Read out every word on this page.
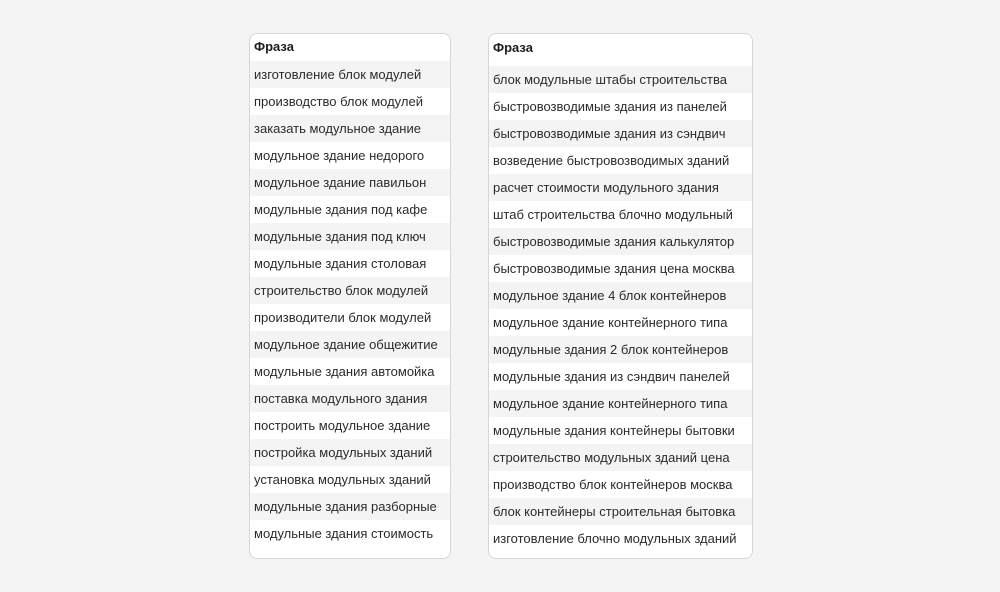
Фраза
изготовление блок модулей
производство блок модулей
заказать модульное здание
модульное здание недорого
модульное здание павильон
модульные здания под кафе
модульные здания под ключ
модульные здания столовая
строительство блок модулей
производители блок модулей
модульное здание общежитие
модульные здания автомойка
поставка модульного здания
построить модульное здание
постройка модульных зданий
установка модульных зданий
модульные здания разборные
модульные здания стоимость
Фраза
блок модульные штабы строительства
быстровозводимые здания из панелей
быстровозводимые здания из сэндвич
возведение быстровозводимых зданий
расчет стоимости модульного здания
штаб строительства блочно модульный
быстровозводимые здания калькулятор
быстровозводимые здания цена москва
модульное здание 4 блок контейнеров
модульное здание контейнерного типа
модульные здания 2 блок контейнеров
модульные здания из сэндвич панелей
модульное здание контейнерного типа
модульные здания контейнеры бытовки
строительство модульных зданий цена
производство блок контейнеров москва
блок контейнеры строительная бытовка
изготовление блочно модульных зданий
